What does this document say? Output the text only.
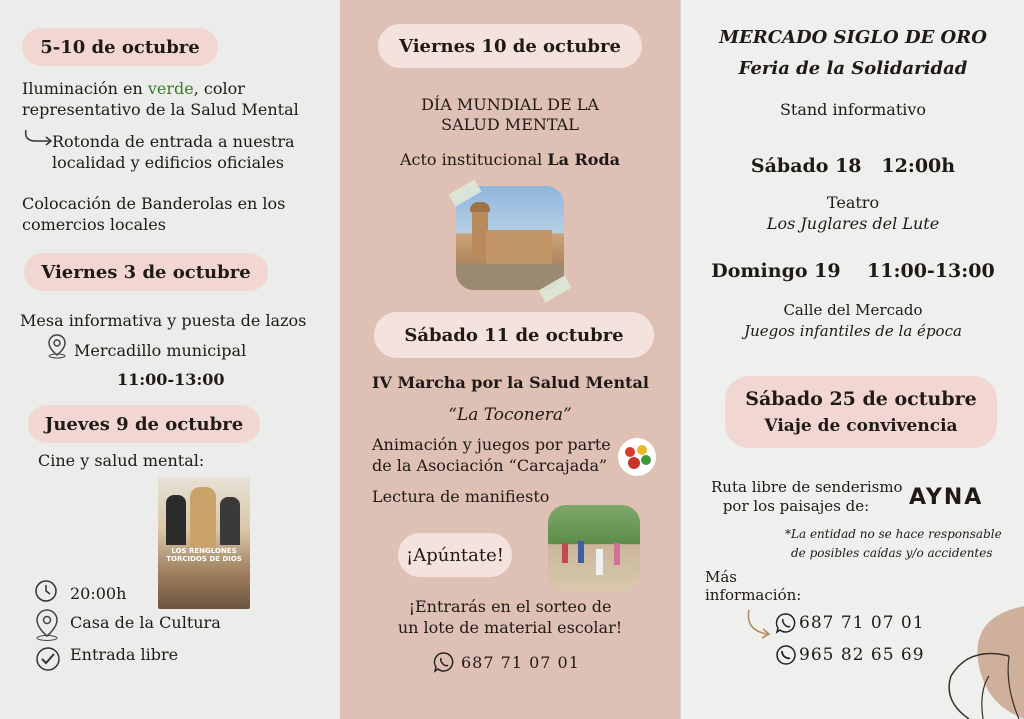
5-10 de octubre
Iluminación en verde, color
representativo de la Salud Mental
Rotonda de entrada a nuestra
localidad y edificios oficiales
Colocación de Banderolas en los
comercios locales
Viernes 3 de octubre
Mesa informativa y puesta de lazos
Mercadillo municipal
11:00-13:00
Jueves 9 de octubre
Cine y salud mental:
LOS RENGLONES TORCIDOS DE DIOS
20:00h
Casa de la Cultura
Entrada libre
Viernes 10 de octubre
DÍA MUNDIAL DE LA
SALUD MENTAL
Acto institucional La Roda
Sábado 11 de octubre
IV Marcha por la Salud Mental
“La Toconera”
Animación y juegos por parte
de la Asociación “Carcajada”
Lectura de manifiesto
¡Apúntate!
¡Entrarás en el sorteo de
un lote de material escolar!
687 71 07 01
MERCADO SIGLO DE ORO
Feria de la Solidaridad
Stand informativo
Sábado 18   12:00h
Teatro
Los Juglares del Lute
Domingo 19    11:00-13:00
Calle del Mercado
Juegos infantiles de la época
Sábado 25 de octubre
Viaje de convivencia
Ruta libre de senderismo
por los paisajes de:	AYNA
*La entidad no se hace responsable
de posibles caídas y/o accidentes
Más
información:
687 71 07 01
965 82 65 69
